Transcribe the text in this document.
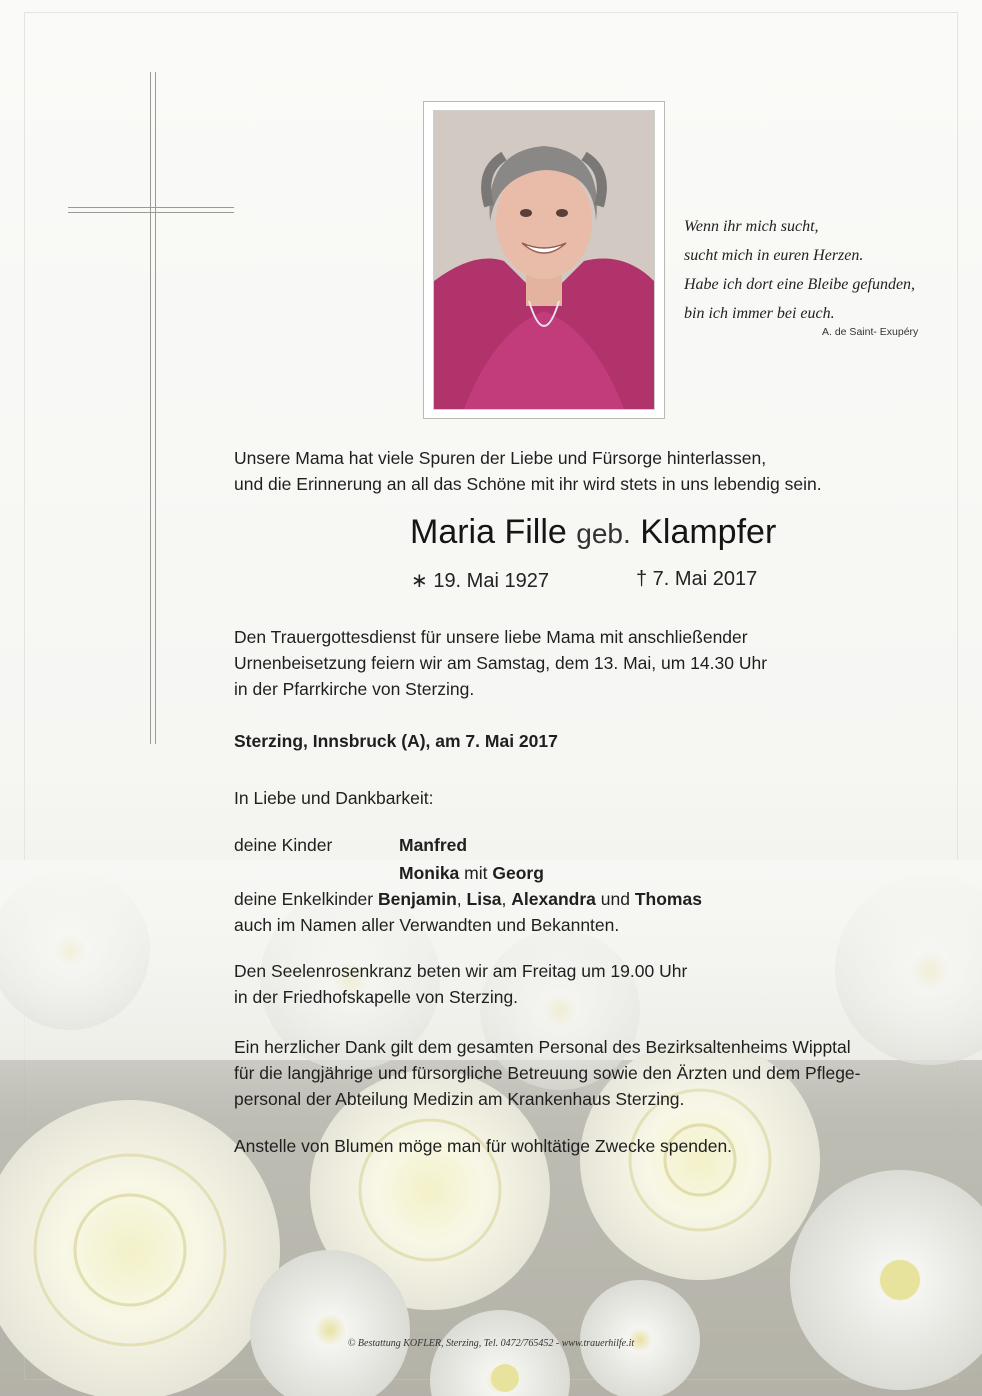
Wenn ihr mich sucht,
sucht mich in euren Herzen.
Habe ich dort eine Bleibe gefunden,
bin ich immer bei euch.
A. de Saint- Exupéry
Unsere Mama hat viele Spuren der Liebe und Fürsorge hinterlassen,
und die Erinnerung an all das Schöne mit ihr wird stets in uns lebendig sein.
Maria Fille geb. Klampfer
∗ 19. Mai 1927	† 7. Mai 2017
Den Trauergottesdienst für unsere liebe Mama mit anschließender
Urnenbeisetzung feiern wir am Samstag, dem 13. Mai, um 14.30 Uhr
in der Pfarrkirche von Sterzing.
Sterzing, Innsbruck (A), am 7. Mai 2017
In Liebe und Dankbarkeit:
deine Kinder	Manfred
Monika mit Georg
deine Enkelkinder Benjamin, Lisa, Alexandra und Thomas
auch im Namen aller Verwandten und Bekannten.
Den Seelenrosenkranz beten wir am Freitag um 19.00 Uhr
in der Friedhofskapelle von Sterzing.
Ein herzlicher Dank gilt dem gesamten Personal des Bezirksaltenheims Wipptal
für die langjährige und fürsorgliche Betreuung sowie den Ärzten und dem Pflege-
personal der Abteilung Medizin am Krankenhaus Sterzing.
Anstelle von Blumen möge man für wohltätige Zwecke spenden.
© Bestattung KOFLER, Sterzing, Tel. 0472/765452 - www.trauerhilfe.it
